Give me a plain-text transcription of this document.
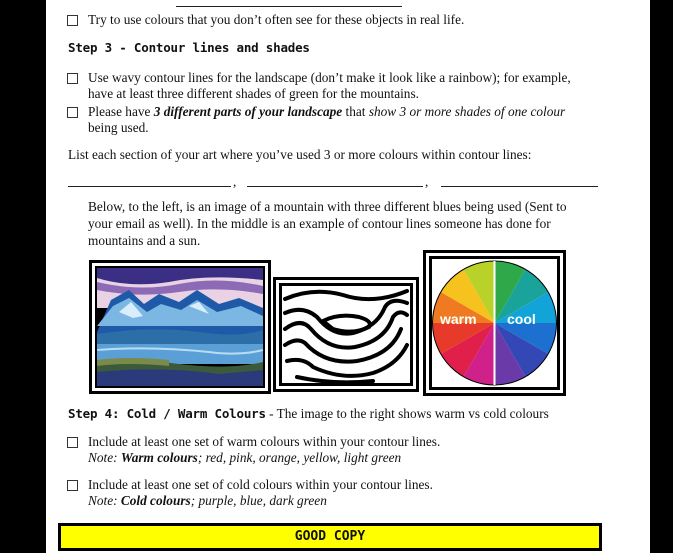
Try to use colours that you don’t often see for these objects in real life.
Step 3 - Contour lines and shades
Use wavy contour lines for the landscape (don’t make it look like a rainbow); for example,
have at least three different shades of green for the mountains.
Please have 3 different parts of your landscape that show 3 or more shades of one colour
being used.
List each section of your art where you’ve used 3 or more colours within contour lines:
,	,
Below, to the left, is an image of a mountain with three different blues being used (Sent to
your email as well). In the middle is an example of contour lines someone has done for
mountains and a sun.
warm cool
Step 4: Cold / Warm Colours - The image to the right shows warm vs cold colours
Include at least one set of warm colours within your contour lines.
Note: Warm colours; red, pink, orange, yellow, light green
Include at least one set of cold colours within your contour lines.
Note: Cold colours; purple, blue, dark green
GOOD COPY
